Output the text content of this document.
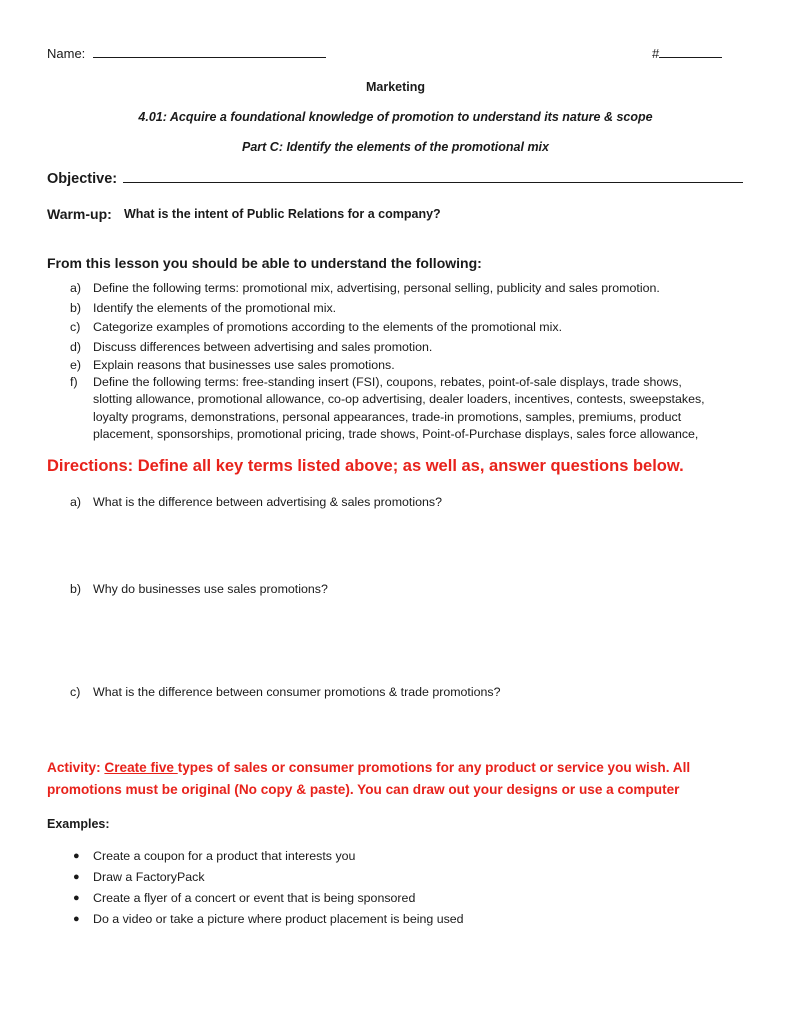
Name:	#
Marketing
4.01: Acquire a foundational knowledge of promotion to understand its nature & scope
Part C: Identify the elements of the promotional mix
Objective:
Warm-up: What is the intent of Public Relations for a company?
From this lesson you should be able to understand the following:
a) Define the following terms: promotional mix, advertising, personal selling, publicity and sales promotion.
b) Identify the elements of the promotional mix.
c) Categorize examples of promotions according to the elements of the promotional mix.
d) Discuss differences between advertising and sales promotion.
e) Explain reasons that businesses use sales promotions.
f) Define the following terms: free-standing insert (FSI), coupons, rebates, point-of-sale displays, trade shows,
slotting allowance, promotional allowance, co-op advertising, dealer loaders, incentives, contests, sweepstakes,
loyalty programs, demonstrations, personal appearances, trade-in promotions, samples, premiums, product
placement, sponsorships, promotional pricing, trade shows, Point-of-Purchase displays, sales force allowance,
Directions: Define all key terms listed above; as well as, answer questions below.
a) What is the difference between advertising & sales promotions?
b) Why do businesses use sales promotions?
c) What is the difference between consumer promotions & trade promotions?
Activity: Create five types of sales or consumer promotions for any product or service you wish. All
promotions must be original (No copy & paste). You can draw out your designs or use a computer
Examples:
● Create a coupon for a product that interests you
● Draw a FactoryPack
● Create a flyer of a concert or event that is being sponsored
● Do a video or take a picture where product placement is being used
